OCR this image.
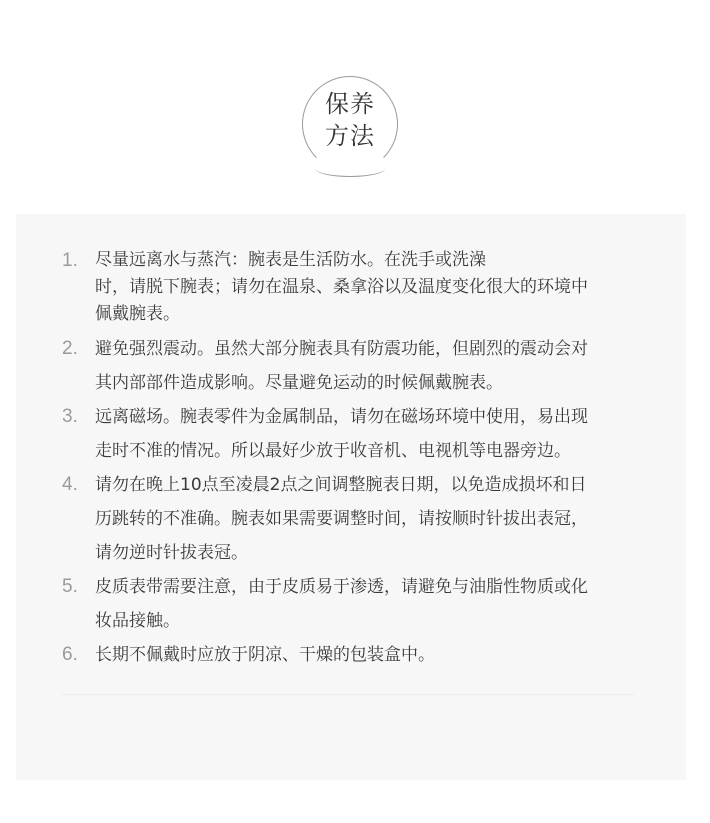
保养
方法
1. 尽量远离水与蒸汽：腕表是生活防水。在洗手或洗澡
时，请脱下腕表；请勿在温泉、桑拿浴以及温度变化很大的环境中
佩戴腕表。
2. 避免强烈震动。虽然大部分腕表具有防震功能，但剧烈的震动会对
其内部部件造成影响。尽量避免运动的时候佩戴腕表。
3. 远离磁场。腕表零件为金属制品，请勿在磁场环境中使用，易出现
走时不准的情况。所以最好少放于收音机、电视机等电器旁边。
4. 请勿在晚上10点至凌晨2点之间调整腕表日期，以免造成损坏和日
历跳转的不准确。腕表如果需要调整时间，请按顺时针拔出表冠，
请勿逆时针拔表冠。
5. 皮质表带需要注意，由于皮质易于渗透，请避免与油脂性物质或化
妆品接触。
6. 长期不佩戴时应放于阴凉、干燥的包装盒中。
